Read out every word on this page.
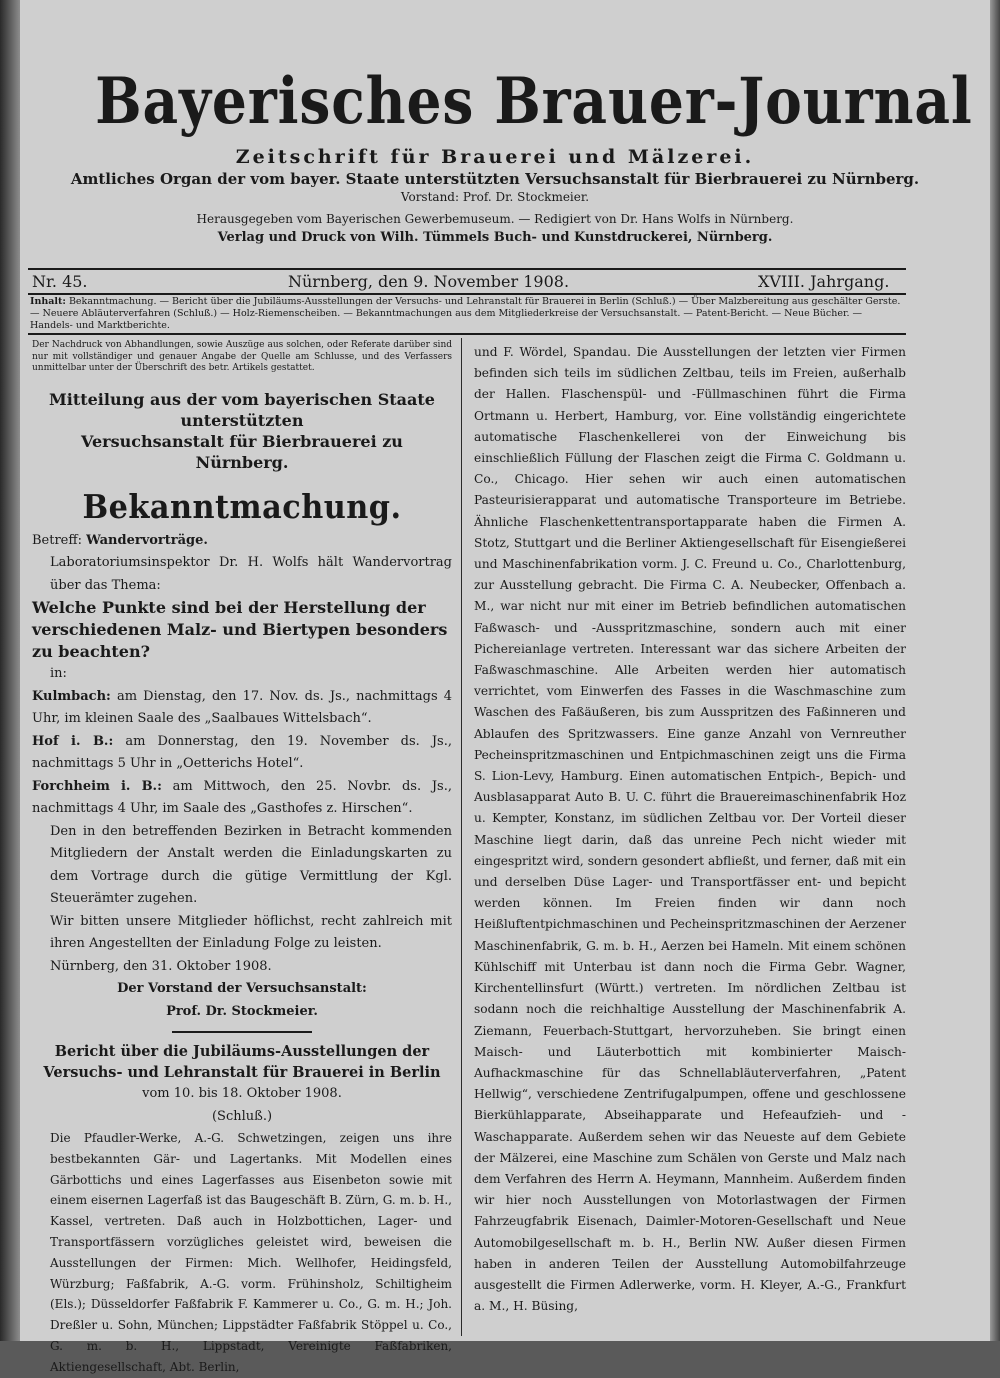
Bayerisches Brauer-Journal
Zeitschrift für Brauerei und Mälzerei.
Amtliches Organ der vom bayer. Staate unterstützten Versuchsanstalt für Bierbrauerei zu Nürnberg.
Vorstand: Prof. Dr. Stockmeier.
Herausgegeben vom Bayerischen Gewerbemuseum. — Redigiert von Dr. Hans Wolfs in Nürnberg.
Verlag und Druck von Wilh. Tümmels Buch- und Kunstdruckerei, Nürnberg.
Nr. 45.	Nürnberg, den 9. November 1908.	XVIII. Jahrgang.
Inhalt: Bekanntmachung. — Bericht über die Jubiläums-Ausstellungen der Versuchs- und Lehranstalt für Brauerei in Berlin (Schluß.) — Über Malzbereitung aus geschälter Gerste. — Neuere Abläuterverfahren (Schluß.) — Holz-Riemenscheiben. — Bekanntmachungen aus dem Mitgliederkreise der Versuchsanstalt. — Patent-Bericht. — Neue Bücher. — Handels- und Marktberichte.
Der Nachdruck von Abhandlungen, sowie Auszüge aus solchen, oder Referate darüber sind nur mit vollständiger und genauer Angabe der Quelle am Schlusse, und des Verfassers unmittelbar unter der Überschrift des betr. Artikels gestattet.
Mitteilung aus der vom bayerischen Staate unterstützten
Versuchsanstalt für Bierbrauerei zu Nürnberg.
Bekanntmachung.
Betreff: Wandervorträge.
Laboratoriumsinspektor Dr. H. Wolfs hält Wandervortrag über das Thema:
Welche Punkte sind bei der Herstellung der verschiedenen Malz- und Biertypen besonders zu beachten?
in:
Kulmbach: am Dienstag, den 17. Nov. ds. Js., nachmittags 4 Uhr, im kleinen Saale des „Saalbaues Wittelsbach“.
Hof i. B.: am Donnerstag, den 19. November ds. Js., nachmittags 5 Uhr in „Oetterichs Hotel“.
Forchheim i. B.: am Mittwoch, den 25. Novbr. ds. Js., nachmittags 4 Uhr, im Saale des „Gasthofes z. Hirschen“.
Den in den betreffenden Bezirken in Betracht kommenden Mitgliedern der Anstalt werden die Einladungskarten zu dem Vortrage durch die gütige Vermittlung der Kgl. Steuerämter zugehen.
Wir bitten unsere Mitglieder höflichst, recht zahlreich mit ihren Angestellten der Einladung Folge zu leisten.
Nürnberg, den 31. Oktober 1908.
Der Vorstand der Versuchsanstalt:
Prof. Dr. Stockmeier.
Bericht über die Jubiläums-Ausstellungen der Versuchs- und Lehranstalt für Brauerei in Berlin
vom 10. bis 18. Oktober 1908.
(Schluß.)
Die Pfaudler-Werke, A.-G. Schwetzingen, zeigen uns ihre bestbekannten Gär- und Lagertanks. Mit Modellen eines Gärbottichs und eines Lagerfasses aus Eisenbeton sowie mit einem eisernen Lagerfaß ist das Baugeschäft B. Zürn, G. m. b. H., Kassel, vertreten. Daß auch in Holzbottichen, Lager- und Transportfässern vorzügliches geleistet wird, beweisen die Ausstellungen der Firmen: Mich. Wellhofer, Heidingsfeld, Würzburg; Faßfabrik, A.-G. vorm. Frühinsholz, Schiltigheim (Els.); Düsseldorfer Faßfabrik F. Kammerer u. Co., G. m. H.; Joh. Dreßler u. Sohn, München; Lippstädter Faßfabrik Stöppel u. Co., G. m. b. H., Lippstadt, Vereinigte Faßfabriken, Aktiengesellschaft, Abt. Berlin,
und F. Wördel, Spandau. Die Ausstellungen der letzten vier Firmen befinden sich teils im südlichen Zeltbau, teils im Freien, außerhalb der Hallen. Flaschenspül- und -Füllmaschinen führt die Firma Ortmann u. Herbert, Hamburg, vor. Eine vollständig eingerichtete automatische Flaschenkellerei von der Einweichung bis einschließlich Füllung der Flaschen zeigt die Firma C. Goldmann u. Co., Chicago. Hier sehen wir auch einen automatischen Pasteurisierapparat und automatische Transporteure im Betriebe. Ähnliche Flaschenkettentransportapparate haben die Firmen A. Stotz, Stuttgart und die Berliner Aktiengesellschaft für Eisengießerei und Maschinenfabrikation vorm. J. C. Freund u. Co., Charlottenburg, zur Ausstellung gebracht. Die Firma C. A. Neubecker, Offenbach a. M., war nicht nur mit einer im Betrieb befindlichen automatischen Faßwasch- und -Ausspritzmaschine, sondern auch mit einer Pichereianlage vertreten. Interessant war das sichere Arbeiten der Faßwaschmaschine. Alle Arbeiten werden hier automatisch verrichtet, vom Einwerfen des Fasses in die Waschmaschine zum Waschen des Faßäußeren, bis zum Ausspritzen des Faßinneren und Ablaufen des Spritzwassers. Eine ganze Anzahl von Vernreuther Pecheinspritzmaschinen und Entpichmaschinen zeigt uns die Firma S. Lion-Levy, Hamburg. Einen automatischen Entpich-, Bepich- und Ausblasapparat Auto B. U. C. führt die Brauereimaschinenfabrik Hoz u. Kempter, Konstanz, im südlichen Zeltbau vor. Der Vorteil dieser Maschine liegt darin, daß das unreine Pech nicht wieder mit eingespritzt wird, sondern gesondert abfließt, und ferner, daß mit ein und derselben Düse Lager- und Transportfässer ent- und bepicht werden können. Im Freien finden wir dann noch Heißluftentpichmaschinen und Pecheinspritzmaschinen der Aerzener Maschinenfabrik, G. m. b. H., Aerzen bei Hameln. Mit einem schönen Kühlschiff mit Unterbau ist dann noch die Firma Gebr. Wagner, Kirchentellinsfurt (Württ.) vertreten. Im nördlichen Zeltbau ist sodann noch die reichhaltige Ausstellung der Maschinenfabrik A. Ziemann, Feuerbach-Stuttgart, hervorzuheben. Sie bringt einen Maisch- und Läuterbottich mit kombinierter Maisch-Aufhackmaschine für das Schnellabläuterverfahren, „Patent Hellwig“, verschiedene Zentrifugalpumpen, offene und geschlossene Bierkühlapparate, Abseihapparate und Hefeaufzieh- und -Waschapparate. Außerdem sehen wir das Neueste auf dem Gebiete der Mälzerei, eine Maschine zum Schälen von Gerste und Malz nach dem Verfahren des Herrn A. Heymann, Mannheim. Außerdem finden wir hier noch Ausstellungen von Motorlastwagen der Firmen Fahrzeugfabrik Eisenach, Daimler-Motoren-Gesellschaft und Neue Automobilgesellschaft m. b. H., Berlin NW. Außer diesen Firmen haben in anderen Teilen der Ausstellung Automobilfahrzeuge ausgestellt die Firmen Adlerwerke, vorm. H. Kleyer, A.-G., Frankfurt a. M., H. Büsing,
